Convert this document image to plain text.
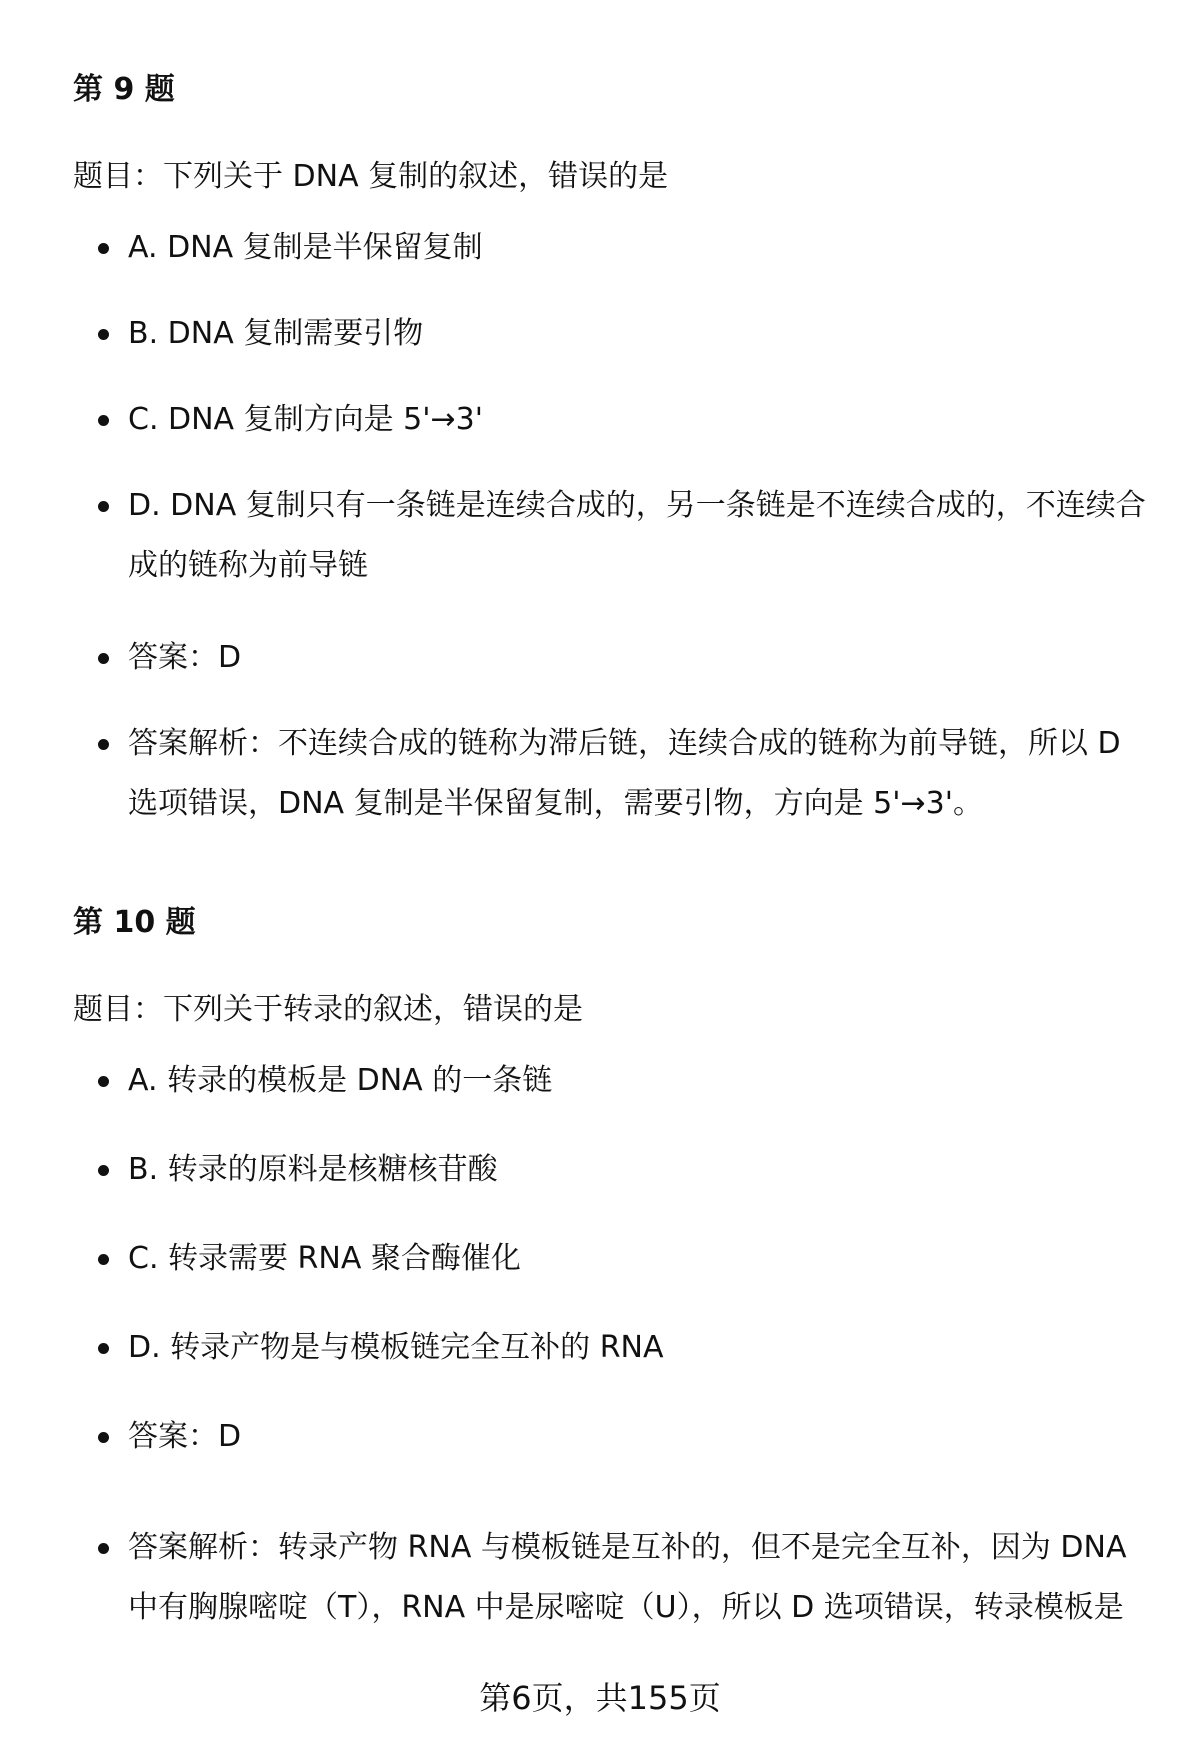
第 9 题
题目：下列关于 DNA 复制的叙述，错误的是
A. DNA 复制是半保留复制
B. DNA 复制需要引物
C. DNA 复制方向是 5'→3'
D. DNA 复制只有一条链是连续合成的，另一条链是不连续合成的，不连续合成的链称为前导链
答案：D
答案解析：不连续合成的链称为滞后链，连续合成的链称为前导链，所以 D 选项错误，DNA 复制是半保留复制，需要引物，方向是 5'→3'。
第 10 题
题目：下列关于转录的叙述，错误的是
A. 转录的模板是 DNA 的一条链
B. 转录的原料是核糖核苷酸
C. 转录需要 RNA 聚合酶催化
D. 转录产物是与模板链完全互补的 RNA
答案：D
答案解析：转录产物 RNA 与模板链是互补的，但不是完全互补，因为 DNA 中有胸腺嘧啶（T），RNA 中是尿嘧啶（U），所以 D 选项错误，转录模板是
第6页，共155页
